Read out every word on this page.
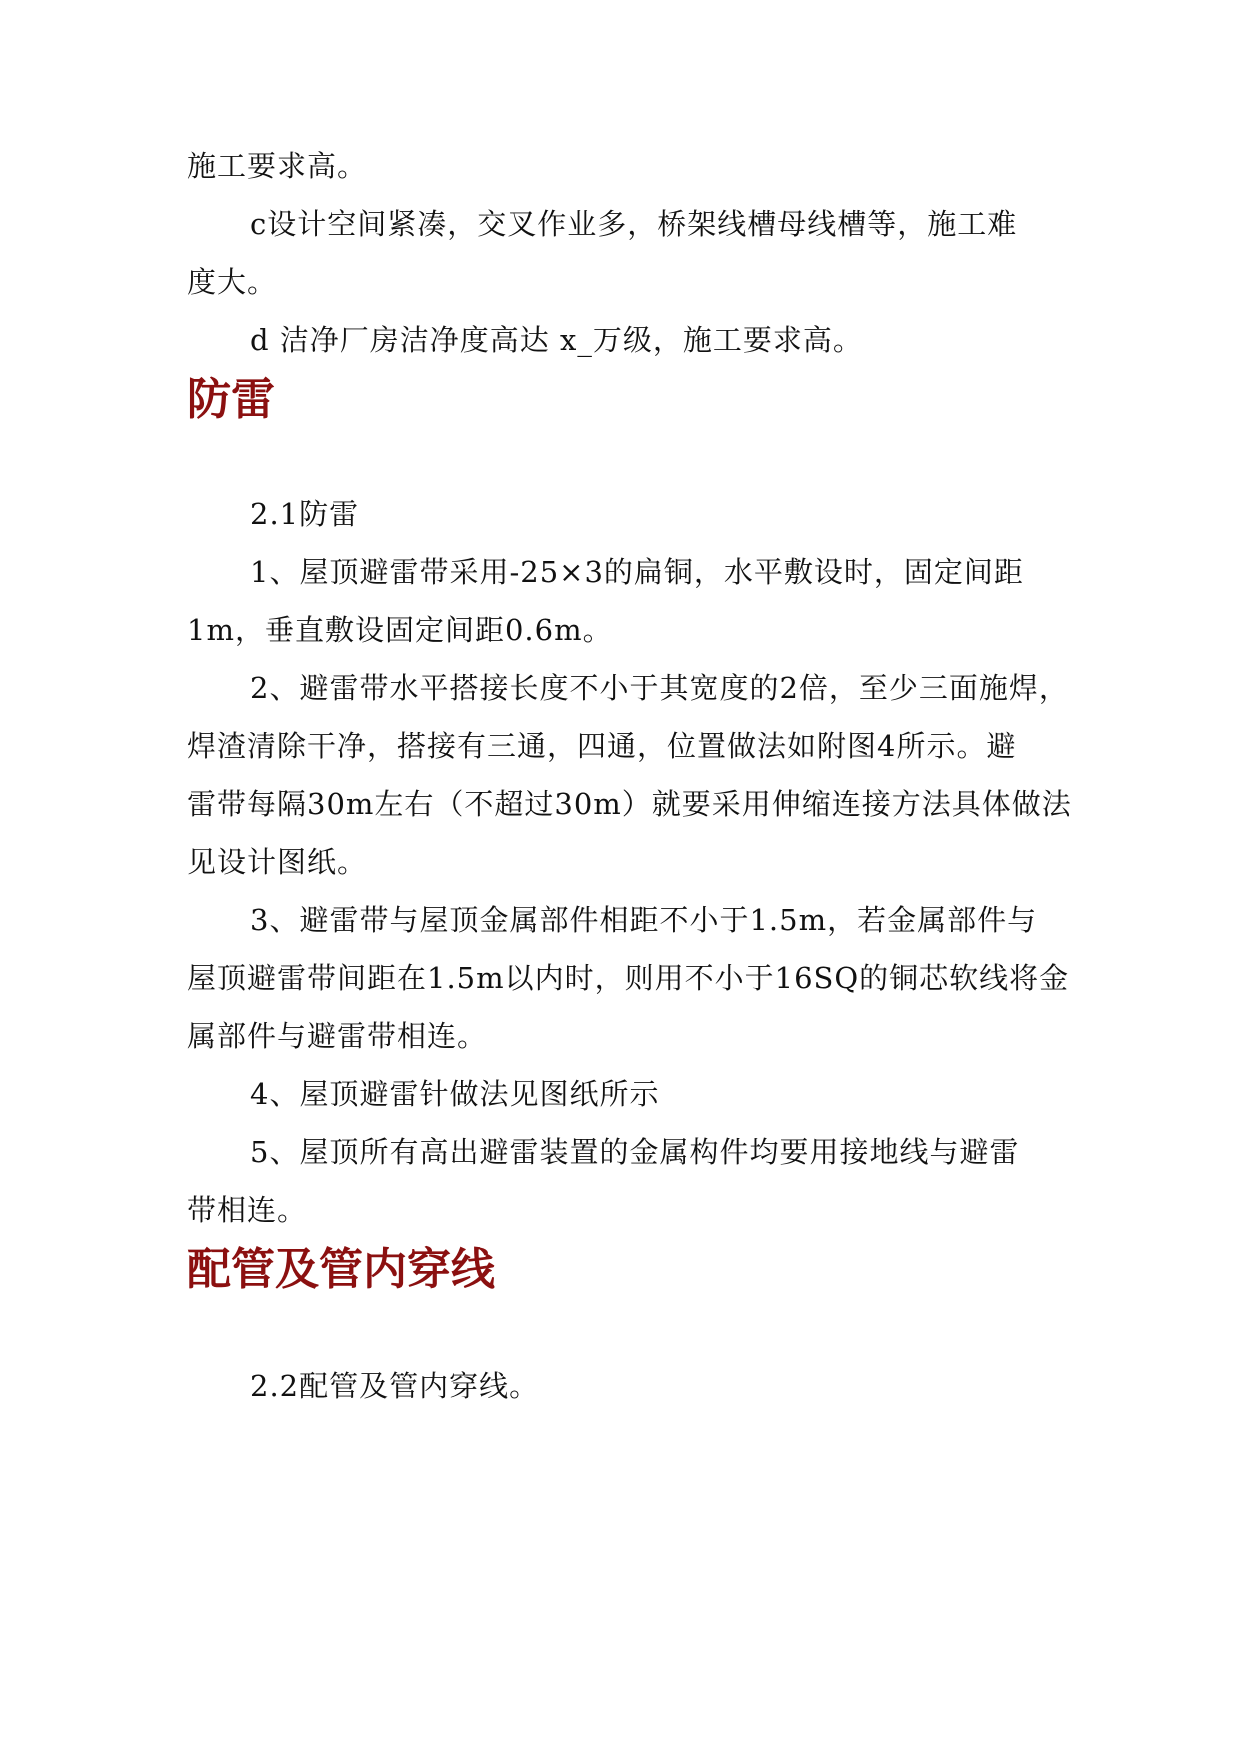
施工要求高。
c设计空间紧凑，交叉作业多，桥架线槽母线槽等，施工难
度大。
d 洁净厂房洁净度高达 x_万级，施工要求高。
防雷
2.1防雷
1、屋顶避雷带采用-25×3的扁铜，水平敷设时，固定间距
1m，垂直敷设固定间距0.6m。
2、避雷带水平搭接长度不小于其宽度的2倍，至少三面施焊，
焊渣清除干净，搭接有三通，四通，位置做法如附图4所示。避
雷带每隔30m左右（不超过30m）就要采用伸缩连接方法具体做法
见设计图纸。
3、避雷带与屋顶金属部件相距不小于1.5m，若金属部件与
屋顶避雷带间距在1.5m以内时，则用不小于16SQ的铜芯软线将金
属部件与避雷带相连。
4、屋顶避雷针做法见图纸所示
5、屋顶所有高出避雷装置的金属构件均要用接地线与避雷
带相连。
配管及管内穿线
2.2配管及管内穿线。
